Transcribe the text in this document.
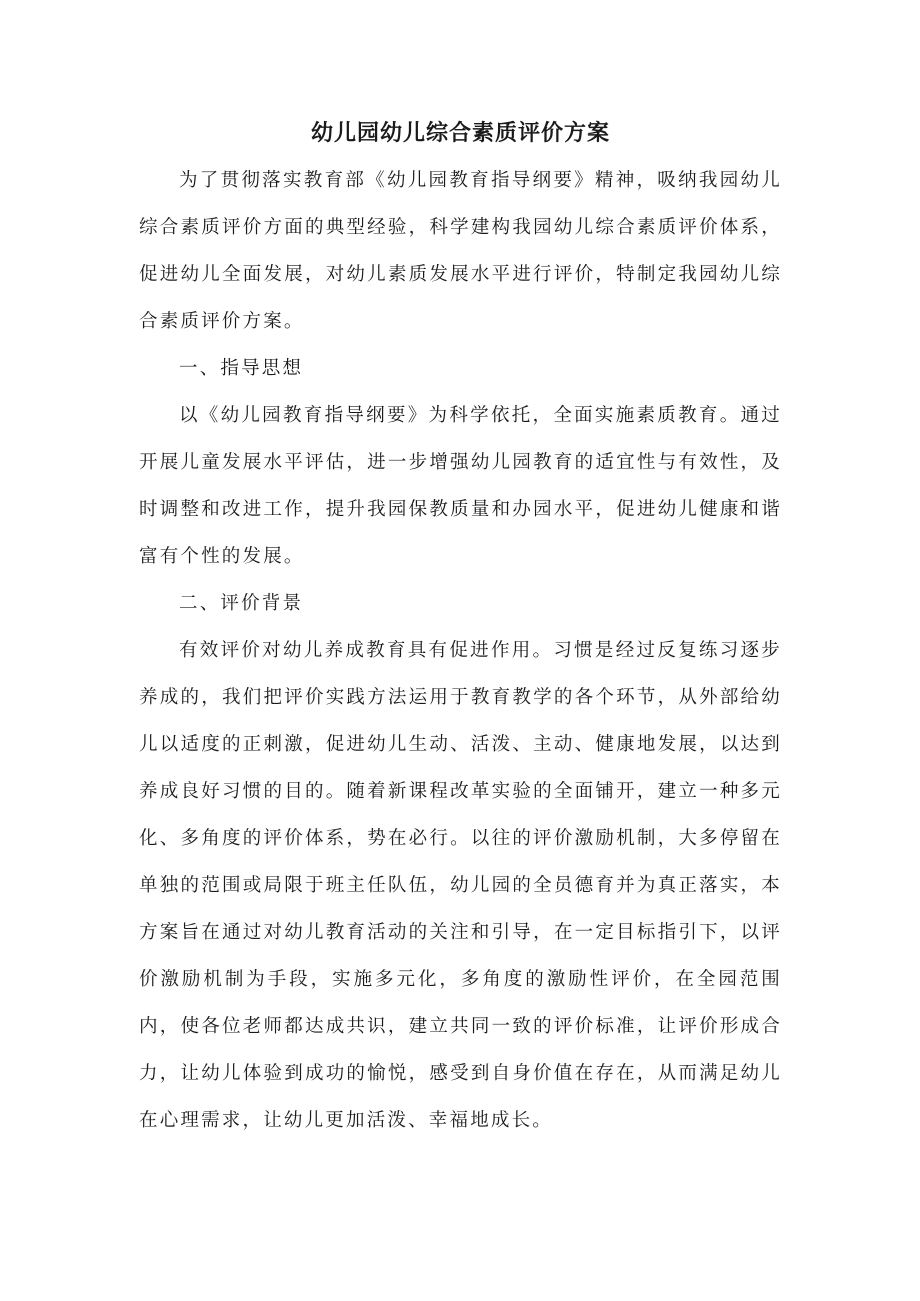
幼儿园幼儿综合素质评价方案

为了贯彻落实教育部《幼儿园教育指导纲要》精神，吸纳我园幼儿综合素质评价方面的典型经验，科学建构我园幼儿综合素质评价体系，促进幼儿全面发展，对幼儿素质发展水平进行评价，特制定我园幼儿综合素质评价方案。

一、指导思想

以《幼儿园教育指导纲要》为科学依托，全面实施素质教育。通过开展儿童发展水平评估，进一步增强幼儿园教育的适宜性与有效性，及时调整和改进工作，提升我园保教质量和办园水平，促进幼儿健康和谐富有个性的发展。

二、评价背景

有效评价对幼儿养成教育具有促进作用。习惯是经过反复练习逐步养成的，我们把评价实践方法运用于教育教学的各个环节，从外部给幼儿以适度的正刺激，促进幼儿生动、活泼、主动、健康地发展，以达到养成良好习惯的目的。随着新课程改革实验的全面铺开，建立一种多元化、多角度的评价体系，势在必行。以往的评价激励机制，大多停留在单独的范围或局限于班主任队伍，幼儿园的全员德育并为真正落实，本方案旨在通过对幼儿教育活动的关注和引导，在一定目标指引下，以评价激励机制为手段，实施多元化，多角度的激励性评价，在全园范围内，使各位老师都达成共识，建立共同一致的评价标准，让评价形成合力，让幼儿体验到成功的愉悦，感受到自身价值在存在，从而满足幼儿在心理需求，让幼儿更加活泼、幸福地成长。
